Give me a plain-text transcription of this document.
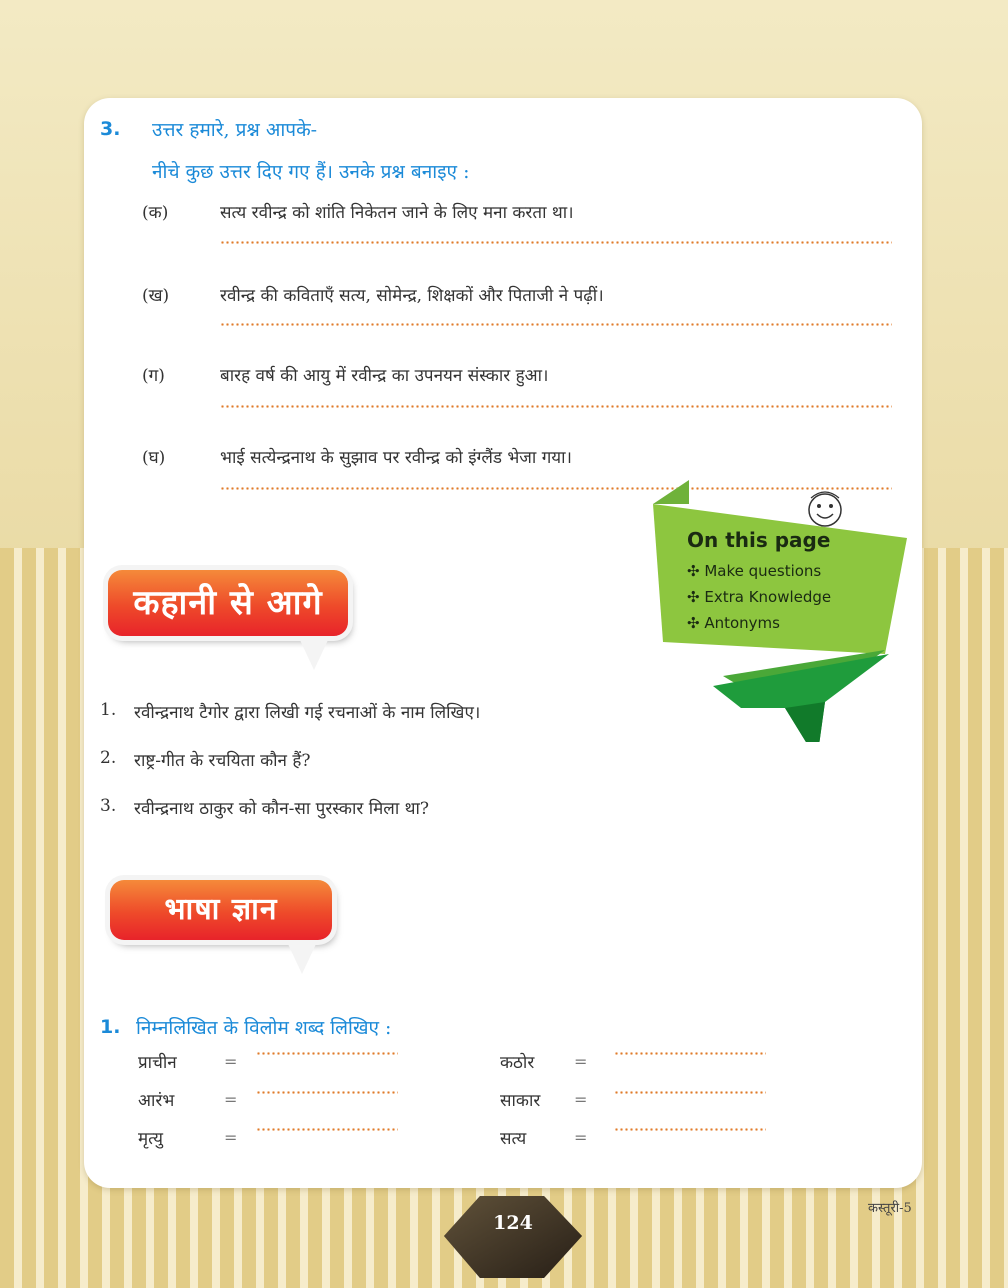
3. उत्तर हमारे, प्रश्न आपके-
नीचे कुछ उत्तर दिए गए हैं। उनके प्रश्न बनाइए :
(क)	सत्य रवीन्द्र को शांति निकेतन जाने के लिए मना करता था।
(ख)	रवीन्द्र की कविताएँ सत्य, सोमेन्द्र, शिक्षकों और पिताजी ने पढ़ीं।
(ग)	बारह वर्ष की आयु में रवीन्द्र का उपनयन संस्कार हुआ।
(घ)	भाई सत्येन्द्रनाथ के सुझाव पर रवीन्द्र को इंग्लैंड भेजा गया।
On this page
✣ Make questions
✣ Extra Knowledge
✣ Antonyms
कहानी से आगे
1. रवीन्द्रनाथ टैगोर द्वारा लिखी गई रचनाओं के नाम लिखिए।
2. राष्ट्र-गीत के रचयिता कौन हैं?
3. रवीन्द्रनाथ ठाकुर को कौन-सा पुरस्कार मिला था?
भाषा ज्ञान
1. निम्नलिखित के विलोम शब्द लिखिए :
प्राचीन	=
आरंभ	=
मृत्यु	=
कठोर =
साकार =
सत्य	=
124
कस्तूरी-5
